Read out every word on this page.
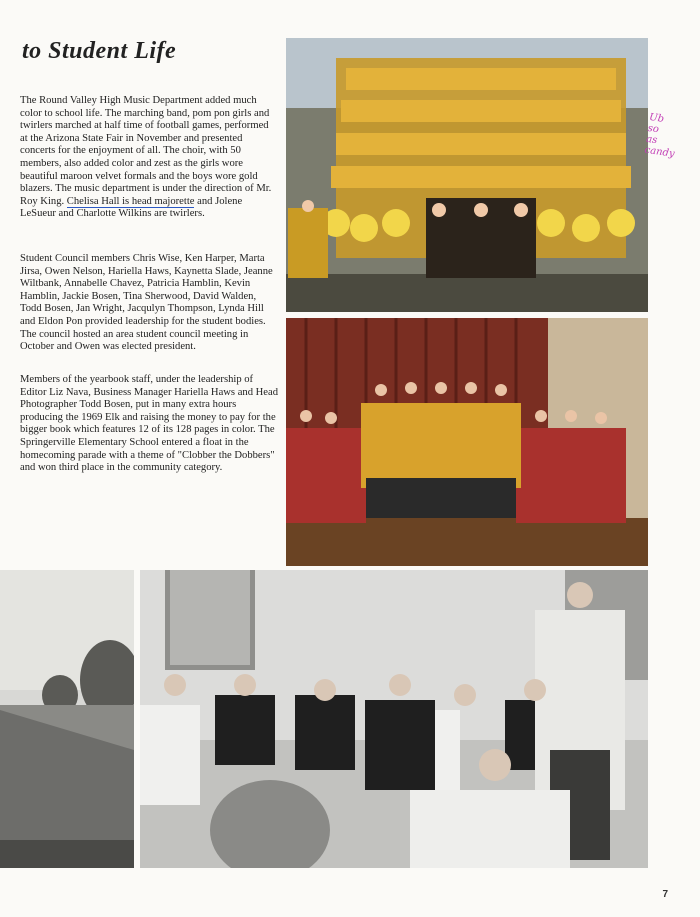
to Student Life
The Round Valley High Music Department added much color to school life. The marching band, pom pon girls and twirlers marched at half time of football games, performed at the Arizona State Fair in November and presented concerts for the enjoyment of all. The choir, with 50 members, also added color and zest as the girls wore beautiful maroon velvet formals and the boys wore gold blazers. The music department is under the direction of Mr. Roy King. Chelisa Hall is head majorette and Jolene LeSueur and Charlotte Wilkins are twirlers.
Student Council members Chris Wise, Ken Harper, Marta Jirsa, Owen Nelson, Hariella Haws, Kaynetta Slade, Jeanne Wiltbank, Annabelle Chavez, Patricia Hamblin, Kevin Hamblin, Jackie Bosen, Tina Sherwood, David Walden, Todd Bosen, Jan Wright, Jacqulyn Thompson, Lynda Hill and Eldon Pon provided leadership for the student bodies. The council hosted an area student council meeting in October and Owen was elected president.
Members of the yearbook staff, under the leadership of Editor Liz Nava, Business Manager Hariella Haws and Head Photographer Todd Bosen, put in many extra hours producing the 1969 Elk and raising the money to pay for the bigger book which features 12 of its 128 pages in color. The Springerville Elementary School entered a float in the homecoming parade with a theme of "Clobber the Dobbers" and won third place in the community category.
Ub
so
as
candy
7
